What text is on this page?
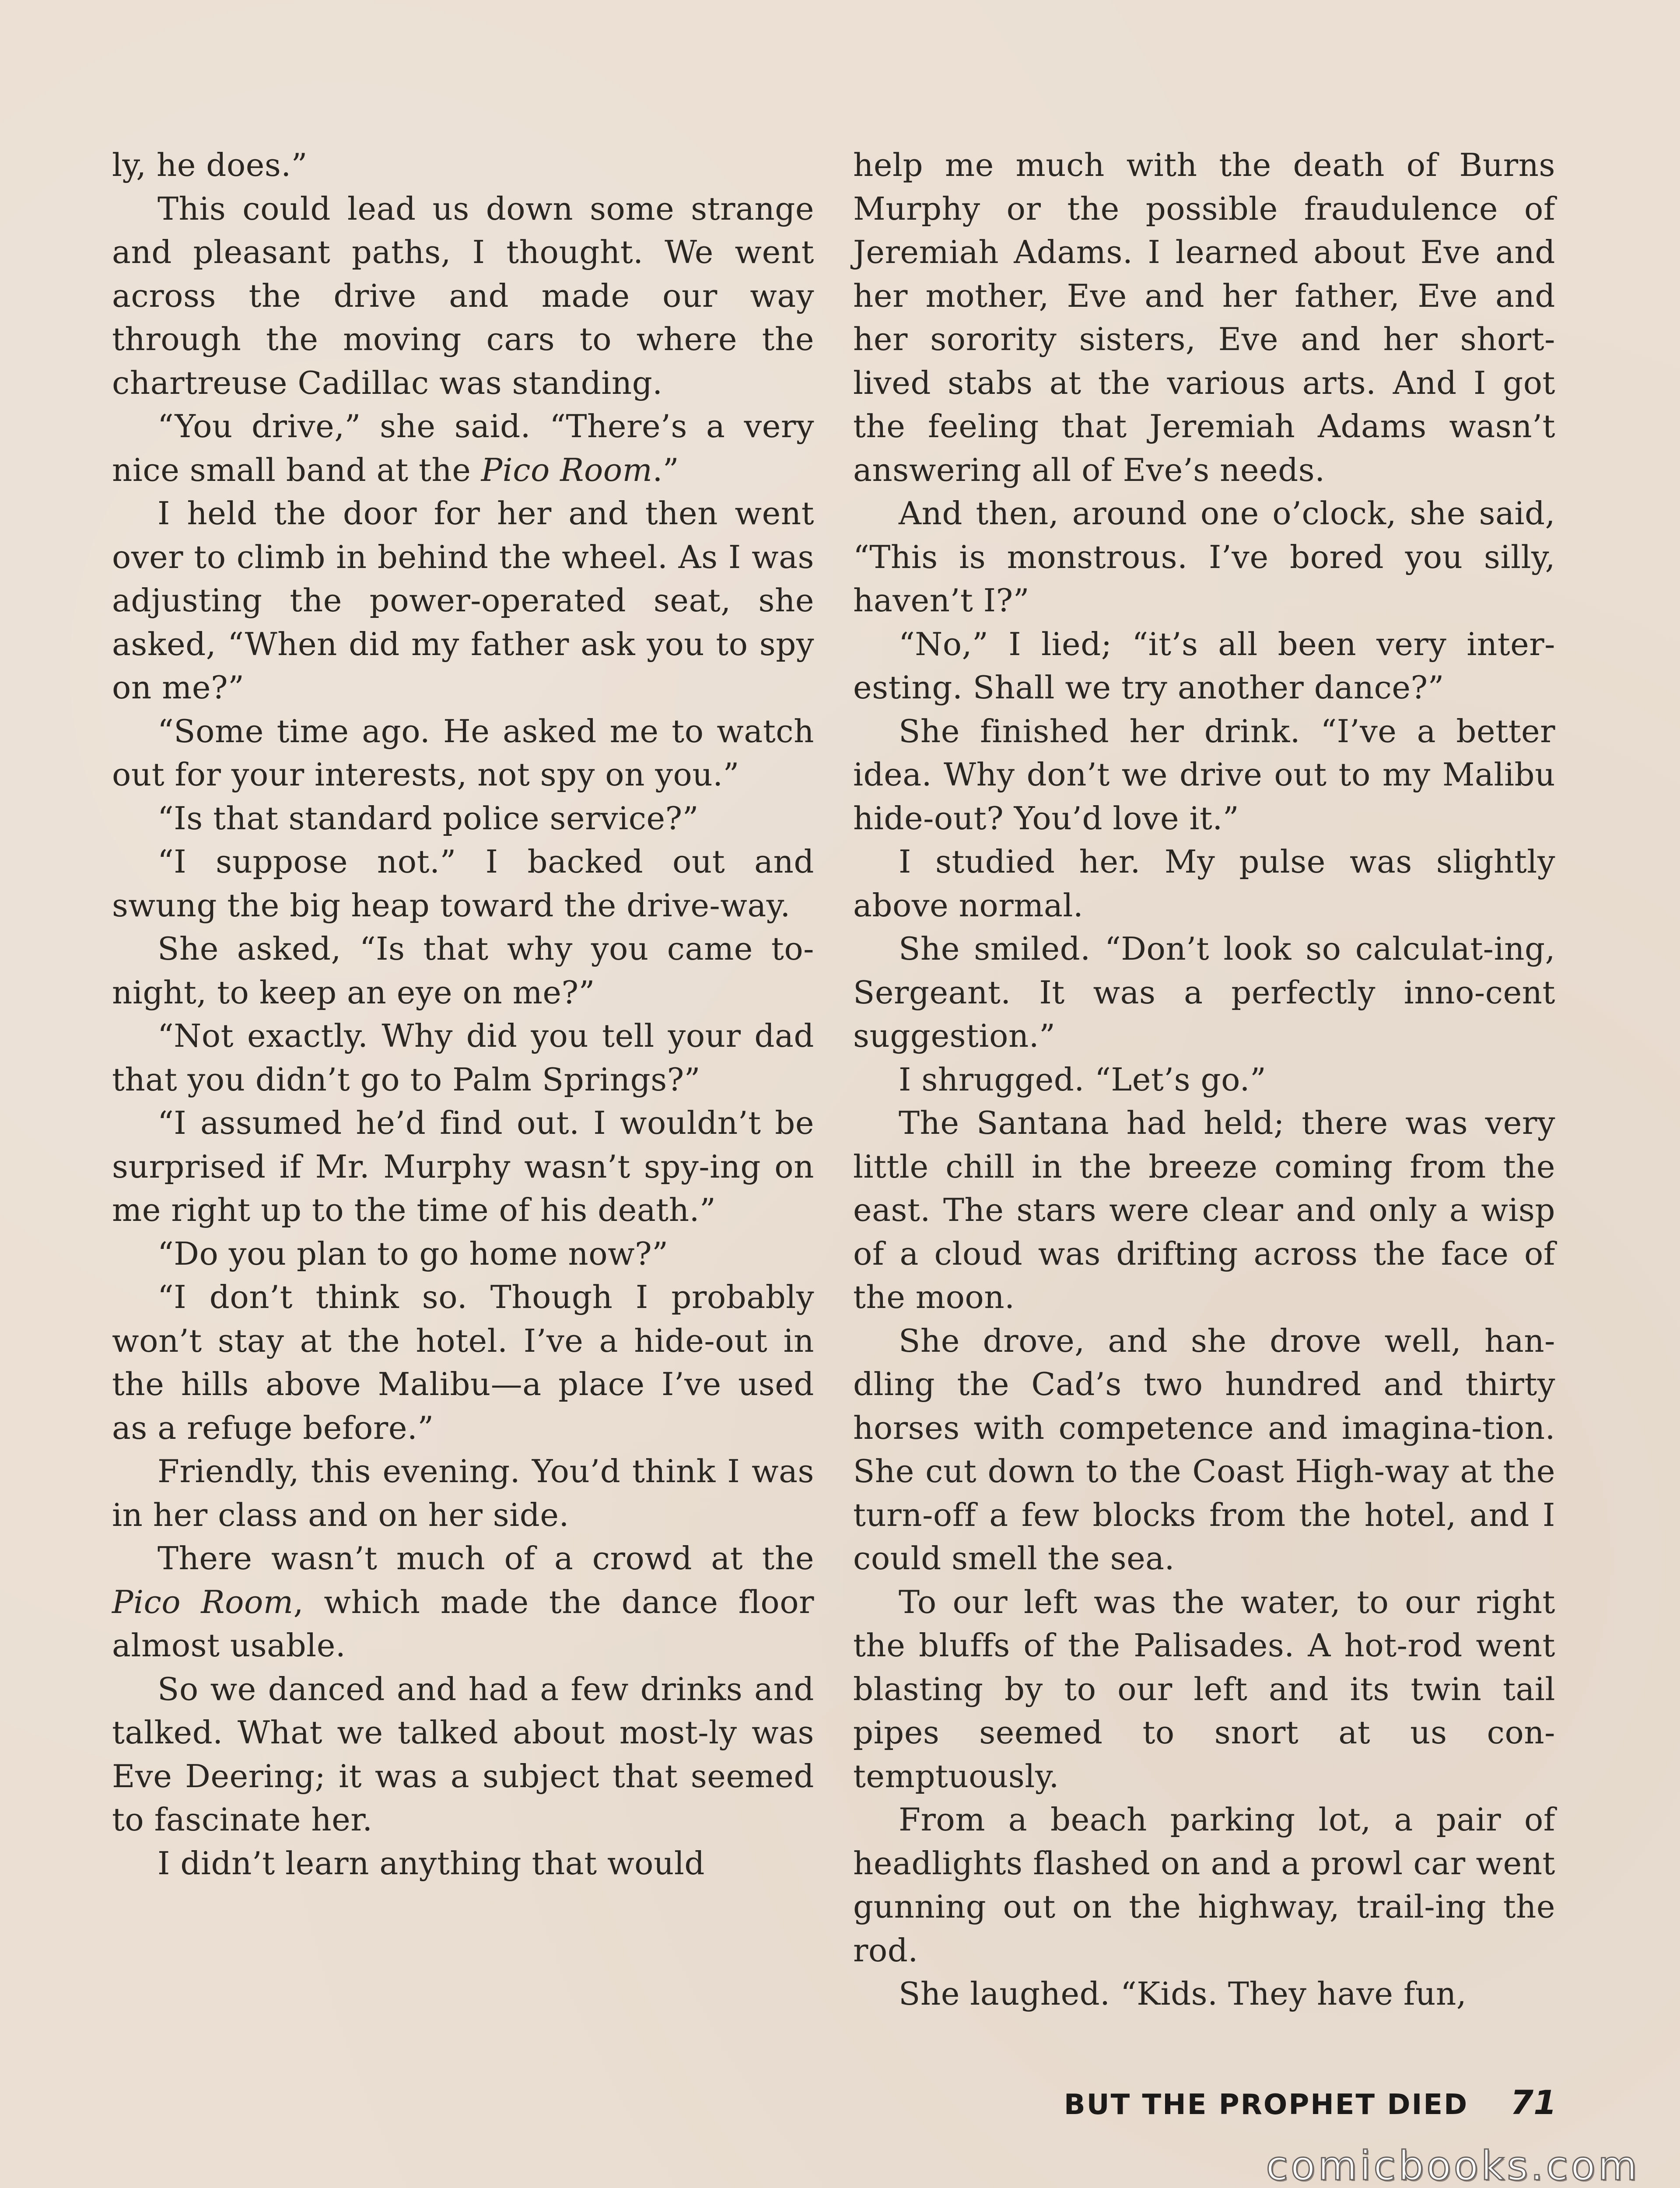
ly, he does.”

This could lead us down some strange and pleasant paths, I thought. We went across the drive and made our way through the moving cars to where the chartreuse Cadillac was standing.

“You drive,” she said. “There’s a very nice small band at the Pico Room.”

I held the door for her and then went over to climb in behind the wheel. As I was adjusting the power-operated seat, she asked, “When did my father ask you to spy on me?”

“Some time ago. He asked me to watch out for your interests, not spy on you.”

“Is that standard police service?”

“I suppose not.” I backed out and swung the big heap toward the drive-way.

She asked, “Is that why you came to-night, to keep an eye on me?”

“Not exactly. Why did you tell your dad that you didn’t go to Palm Springs?”

“I assumed he’d find out. I wouldn’t be surprised if Mr. Murphy wasn’t spy-ing on me right up to the time of his death.”

“Do you plan to go home now?”

“I don’t think so. Though I probably won’t stay at the hotel. I’ve a hide-out in the hills above Malibu—a place I’ve used as a refuge before.”

Friendly, this evening. You’d think I was in her class and on her side.

There wasn’t much of a crowd at the Pico Room, which made the dance floor almost usable.

So we danced and had a few drinks and talked. What we talked about most-ly was Eve Deering; it was a subject that seemed to fascinate her.

I didn’t learn anything that would

help me much with the death of Burns Murphy or the possible fraudulence of Jeremiah Adams. I learned about Eve and her mother, Eve and her father, Eve and her sorority sisters, Eve and her short-lived stabs at the various arts. And I got the feeling that Jeremiah Adams wasn’t answering all of Eve’s needs.

And then, around one o’clock, she said, “This is monstrous. I’ve bored you silly, haven’t I?”

“No,” I lied; “it’s all been very inter-esting. Shall we try another dance?”

She finished her drink. “I’ve a better idea. Why don’t we drive out to my Malibu hide-out? You’d love it.”

I studied her. My pulse was slightly above normal.

She smiled. “Don’t look so calculat-ing, Sergeant. It was a perfectly inno-cent suggestion.”

I shrugged. “Let’s go.”

The Santana had held; there was very little chill in the breeze coming from the east. The stars were clear and only a wisp of a cloud was drifting across the face of the moon.

She drove, and she drove well, han-dling the Cad’s two hundred and thirty horses with competence and imagina-tion. She cut down to the Coast High-way at the turn-off a few blocks from the hotel, and I could smell the sea.

To our left was the water, to our right the bluffs of the Palisades. A hot-rod went blasting by to our left and its twin tail pipes seemed to snort at us con-temptuously.

From a beach parking lot, a pair of headlights flashed on and a prowl car went gunning out on the highway, trail-ing the rod.

She laughed. “Kids. They have fun,

BUT THE PROPHET DIED 71
comicbooks.com
